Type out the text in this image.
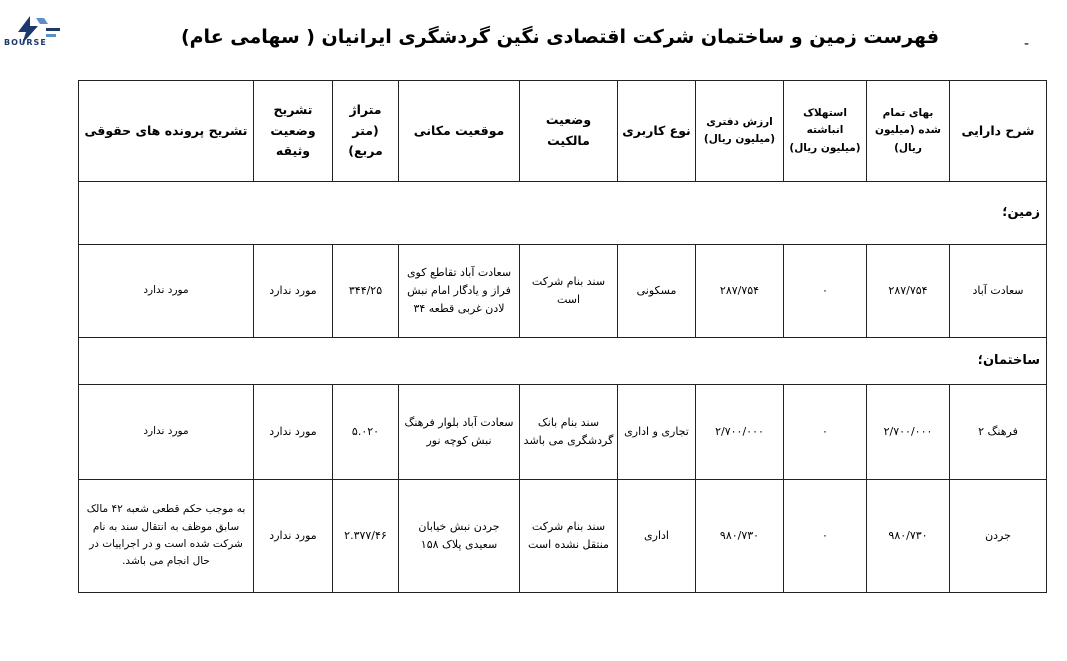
BOURSE	فهرست زمین و ساختمان شرکت اقتصادی نگین گردشگری ایرانیان ( سهامی عام)	-
شرح دارایی	بهای تمام شده (میلیون ریال)	استهلاک انباشته (میلیون ریال)	ارزش دفتری (میلیون ریال)	نوع کاربری	وضعیت مالکیت	موقعیت مکانی	متراژ (متر مربع)	تشریح وضعیت وثیقه	تشریح پرونده های حقوقی
زمین؛									
سعادت آباد	۲۸۷/۷۵۴	۰	۲۸۷/۷۵۴	مسکونی	سند بنام شرکت است	سعادت آباد تقاطع کوی فراز و یادگار امام نبش لادن غربی قطعه ۳۴	۳۴۴/۲۵	مورد ندارد	مورد ندارد
ساختمان؛									
فرهنگ ۲	۲/۷۰۰/۰۰۰	۰	۲/۷۰۰/۰۰۰	تجاری و اداری	سند بنام بانک گردشگری می باشد	سعادت آباد بلوار فرهنگ نبش کوچه نور	۵.۰۲۰	مورد ندارد	مورد ندارد
جردن	۹۸۰/۷۳۰	۰	۹۸۰/۷۳۰	اداری	سند بنام شرکت منتقل نشده است	جردن نبش خیابان سعیدی پلاک ۱۵۸	۲.۳۷۷/۴۶	مورد ندارد	به موجب حکم قطعی شعبه ۴۲ مالک سابق موظف به انتقال سند به نام شرکت شده است و در اجراییات در حال انجام می باشد.
